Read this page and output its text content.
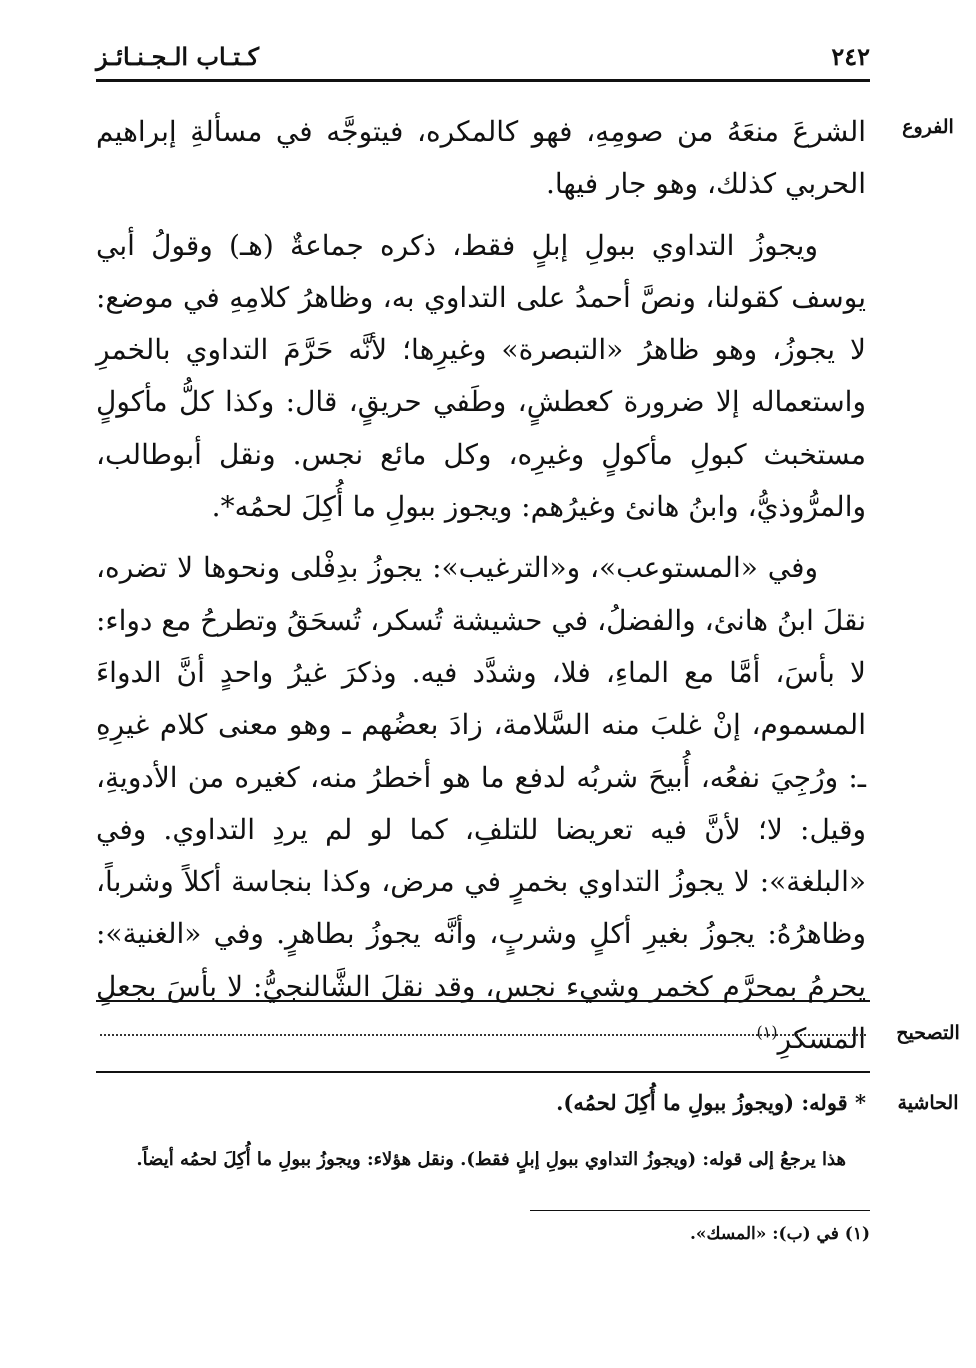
٢٤٢
كـتـاب الـجـنـائـز
الفروع

الشرعَ منعَهُ من صومِهِ، فهو كالمكره، فيتوجَّه في مسألةِ إبراهيم الحربي كذلك، وهو جار فيها.

ويجوزُ التداوي ببولِ إبلٍ فقط، ذكره جماعةٌ (هـ) وقولُ أبي يوسف كقولنا، ونصَّ أحمدُ على التداوي به، وظاهرُ كلامِهِ في موضع: لا يجوزُ، وهو ظاهرُ «التبصرة» وغيرِها؛ لأنَّه حَرَّمَ التداوي بالخمرِ واستعماله إلا ضرورة كعطشٍ، وطَفي حريقٍ، قال: وكذا كلُّ مأكولٍ مستخبث كبولِ مأكولٍ وغيرِه، وكل مائع نجس. ونقل أبوطالب، والمرُّوذيُّ، وابنُ هانئ وغيرُهم: ويجوز ببولِ ما أُكِلَ لحمُه*.

وفي «المستوعب»، و«الترغيب»: يجوزُ بدِفْلى ونحوها لا تضره، نقلَ ابنُ هانئ، والفضلُ، في حشيشة تُسكر، تُسحَقُ وتطرحُ مع دواء: لا بأسَ، أمَّا مع الماءِ، فلا، وشدَّد فيه. وذكرَ غيرُ واحدٍ أنَّ الدواءَ المسموم، إنْ غلبَ منه السَّلامة، زادَ بعضُهم ـ وهو معنى كلام غيرِهِ ـ: ورُجِيَ نفعُه، أُبيحَ شربُه لدفع ما هو أخطرُ منه، كغيره من الأدويةِ، وقيل: لا؛ لأنَّ فيه تعريضا للتلفِ، كما لو لم يردِ التداوي. وفي «البلغة»: لا يجوزُ التداوي بخمرٍ في مرض، وكذا بنجاسة أكلاً وشرباً، وظاهرُهُ: يجوزُ بغيرِ أكلٍ وشربٍ، وأنَّه يجوزُ بطاهرٍ. وفي «الغنية»: يحرمُ بمحرَّم كخمر وشيء نجس، وقد نقلَ الشَّالنجيُّ: لا بأسَ بجعلِ المسكرِ$^{(١)}$	التصحيح
الحاشية
* قوله: (ويجوزُ ببولِ ما أُكِلَ لحمُه).
هذا يرجعُ إلى قوله: (ويجوزُ التداوي ببولِ إبلٍ فقط). ونقل هؤلاء: ويجوزُ ببولِ ما أُكِلَ لحمُه أيضاً.
(١) في (ب): «المسك».
